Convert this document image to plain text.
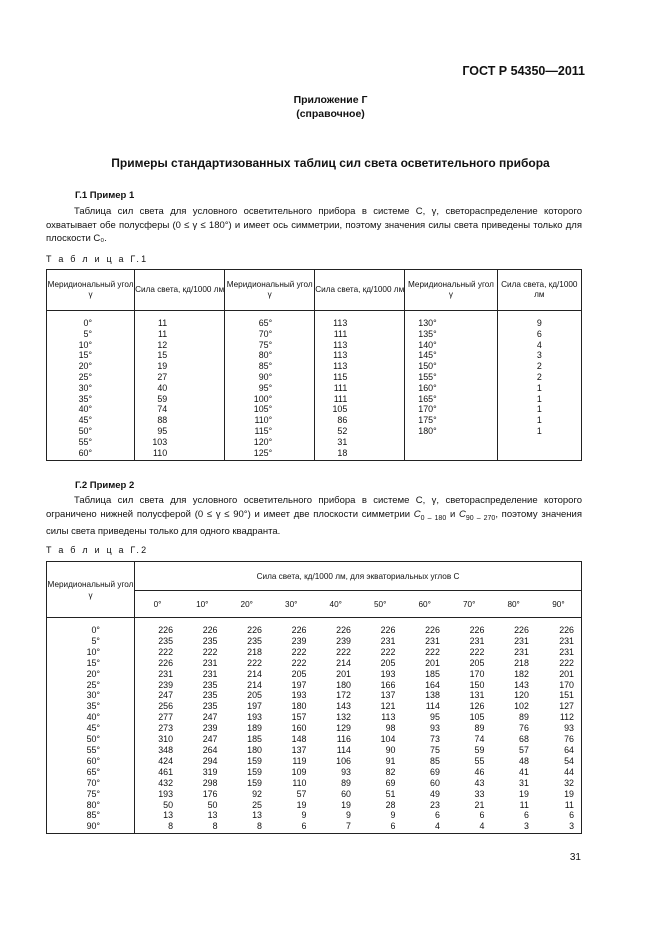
ГОСТ Р 54350—2011
Приложение Г
(справочное)
Примеры стандартизованных таблиц сил света осветительного прибора
Г.1 Пример 1

Таблица сил света для условного осветительного прибора в системе C, γ, светораспределение которого охватывает обе полусферы (0 ≤ γ ≤ 180°) и имеет ось симметрии, поэтому значения силы света приведены только для плоскости C₀.

Т а б л и ц а Г.1
Меридиональный угол γ	Сила света, кд/1000 лм	Меридиональный угол γ	Сила света, кд/1000 лм	Меридиональный угол γ	Сила света, кд/1000 лм
0°	11	65°	113	130°	9
5°	11	70°	111	135°	6
10°	12	75°	113	140°	4
15°	15	80°	113	145°	3
20°	19	85°	113	150°	2
25°	27	90°	115	155°	2
30°	40	95°	111	160°	1
35°	59	100°	111	165°	1
40°	74	105°	105	170°	1
45°	88	110°	86	175°	1
50°	95	115°	52	180°	1
55°	103	120°	31		
60°	110	125°	18		
Г.2 Пример 2

Таблица сил света для условного осветительного прибора в системе C, γ, светораспределение которого ограничено нижней полусферой (0 ≤ γ ≤ 90°) и имеет две плоскости симметрии $C_{0 - 180}$ и $C_{90 - 270}$, поэтому значения силы света приведены только для одного квадранта.

Т а б л и ц а Г.2
Меридиональный угол γ	Сила света, кд/1000 лм, для экваториальных углов C									
	0°	10°	20°	30°	40°	50°	60°	70°	80°	90°
0°	226	226	226	226	226	226	226	226	226	226
5°	235	235	235	239	239	231	231	231	231	231
10°	222	222	218	222	222	222	222	222	231	231
15°	226	231	222	222	214	205	201	205	218	222
20°	231	231	214	205	201	193	185	170	182	201
25°	239	235	214	197	180	166	164	150	143	170
30°	247	235	205	193	172	137	138	131	120	151
35°	256	235	197	180	143	121	114	126	102	127
40°	277	247	193	157	132	113	95	105	89	112
45°	273	239	189	160	129	98	93	89	76	93
50°	310	247	185	148	116	104	73	74	68	76
55°	348	264	180	137	114	90	75	59	57	64
60°	424	294	159	119	106	91	85	55	48	54
65°	461	319	159	109	93	82	69	46	41	44
70°	432	298	159	110	89	69	60	43	31	32
75°	193	176	92	57	60	51	49	33	19	19
80°	50	50	25	19	19	28	23	21	11	11
85°	13	13	13	9	9	9	6	6	6	6
90°	8	8	8	6	7	6	4	4	3	3
31
